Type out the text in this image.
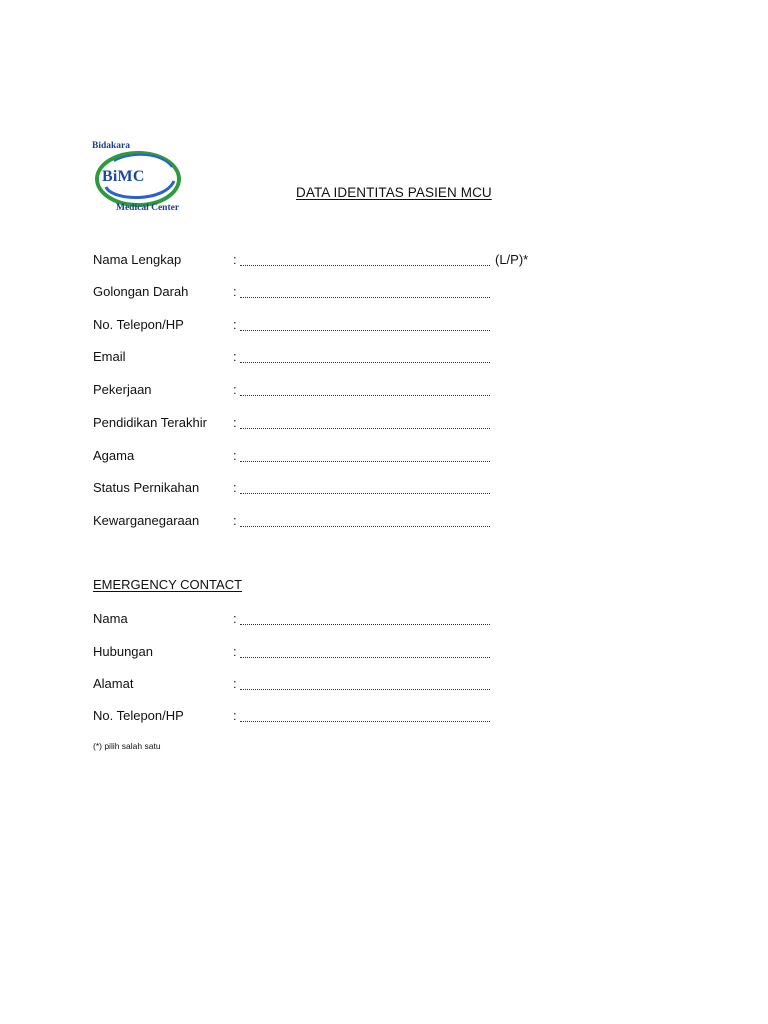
Bidakara
BiMC
Medical Center
DATA IDENTITAS PASIEN MCU
Nama Lengkap	:	(L/P)*
Golongan Darah	:
No. Telepon/HP	:
Email	:
Pekerjaan	:
Pendidikan Terakhir :
Agama	:
Status Pernikahan	:
Kewarganegaraan	:
EMERGENCY CONTACT
Nama	:
Hubungan	:
Alamat	:
No. Telepon/HP	:
(*) pilih salah satu
